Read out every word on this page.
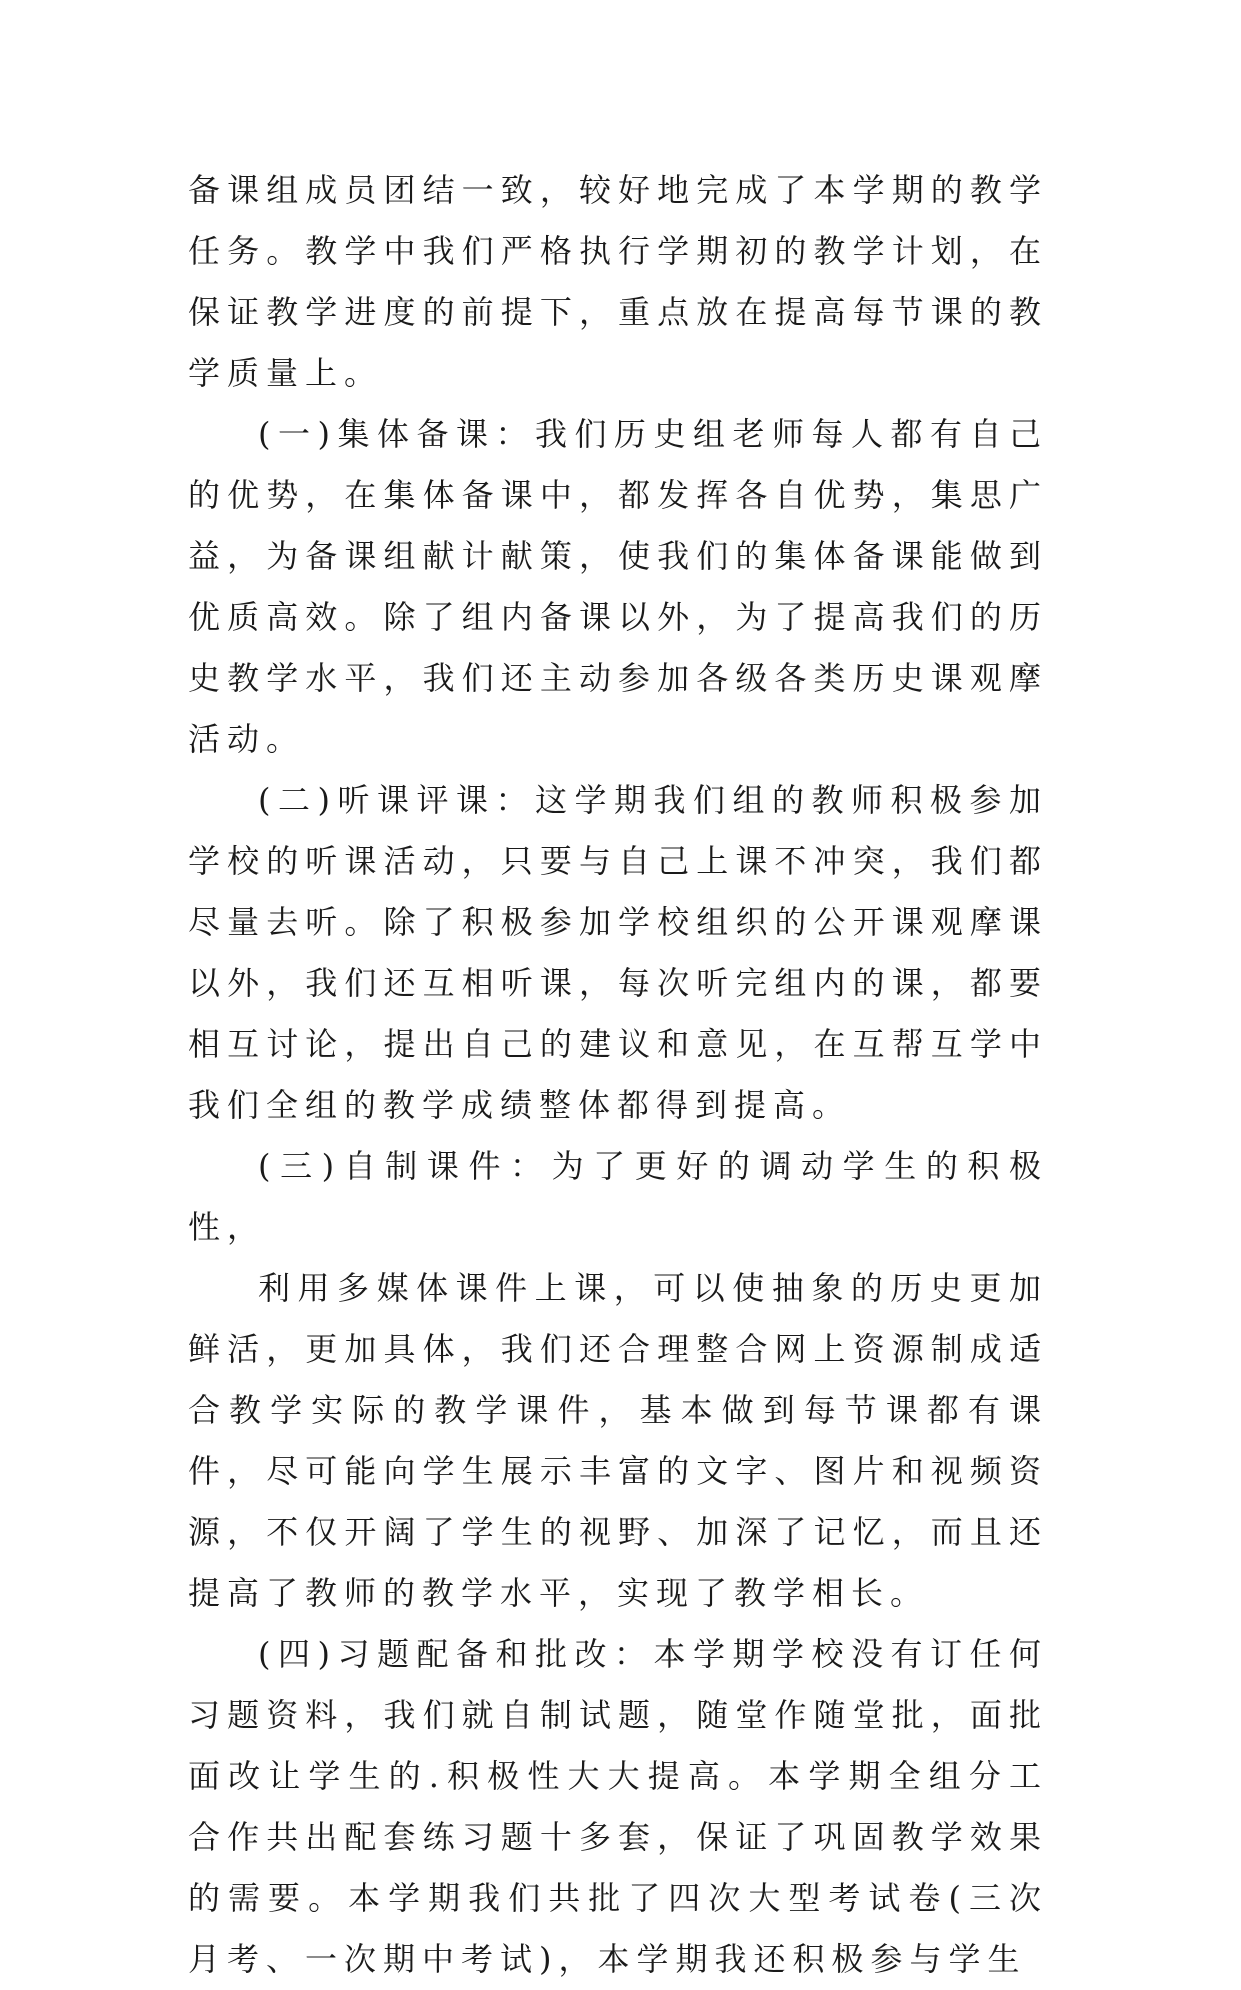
备课组成员团结一致，较好地完成了本学期的教学任务。教学中我们严格执行学期初的教学计划，在保证教学进度的前提下，重点放在提高每节课的教学质量上。

(一)集体备课：我们历史组老师每人都有自己的优势，在集体备课中，都发挥各自优势，集思广益，为备课组献计献策，使我们的集体备课能做到优质高效。除了组内备课以外，为了提高我们的历史教学水平，我们还主动参加各级各类历史课观摩活动。

(二)听课评课：这学期我们组的教师积极参加学校的听课活动，只要与自己上课不冲突，我们都尽量去听。除了积极参加学校组织的公开课观摩课以外，我们还互相听课，每次听完组内的课，都要相互讨论，提出自己的建议和意见，在互帮互学中我们全组的教学成绩整体都得到提高。

(三)自制课件：为了更好的调动学生的积极性，

利用多媒体课件上课，可以使抽象的历史更加鲜活，更加具体，我们还合理整合网上资源制成适合教学实际的教学课件，基本做到每节课都有课件，尽可能向学生展示丰富的文字、图片和视频资源，不仅开阔了学生的视野、加深了记忆，而且还提高了教师的教学水平，实现了教学相长。

(四)习题配备和批改：本学期学校没有订任何习题资料，我们就自制试题，随堂作随堂批，面批面改让学生的.积极性大大提高。本学期全组分工合作共出配套练习题十多套，保证了巩固教学效果的需要。本学期我们共批了四次大型考试卷(三次月考、一次期中考试)，本学期我还积极参与学生
